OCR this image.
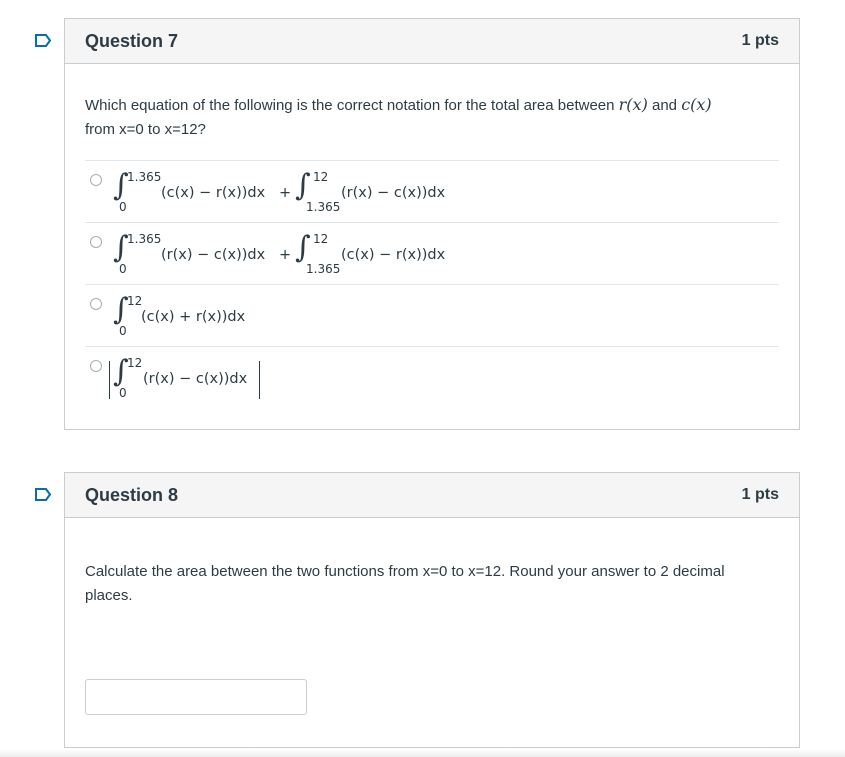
Question 7	1 pts

Which equation of the following is the correct notation for the total area between r(x) and c(x)
from x=0 to x=12?

∫
1.365
0
(c(x) − r(x))dx + ∫ 12
1.365
(r(x) − c(x))dx
∫
1.365
0
(r(x) − c(x))dx + ∫ 12
1.365
(c(x) − r(x))dx
∫
12
0
(c(x) + r(x))dx
∫
12
0
(r(x) − c(x))dx
Question 8	1 pts

Calculate the area between the two functions from x=0 to x=12. Round your answer to 2 decimal
places.
